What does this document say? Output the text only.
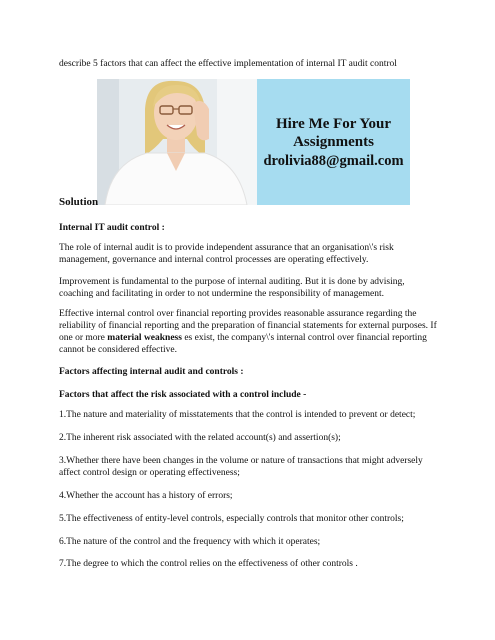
describe 5 factors that can affect the effective implementation of internal IT audit control
Hire Me For Your
Assignments
drolivia88@gmail.com
Solution
Internal IT audit control :
The role of internal audit is to provide independent assurance that an organisation\'s risk management, governance and internal control processes are operating effectively.
Improvement is fundamental to the purpose of internal auditing. But it is done by advising, coaching and facilitating in order to not undermine the responsibility of management.
Effective internal control over financial reporting provides reasonable assurance regarding the reliability of financial reporting and the preparation of financial statements for external purposes. If one or more material weakness es exist, the company\'s internal control over financial reporting cannot be considered effective.
Factors affecting internal audit and controls :
Factors that affect the risk associated with a control include -
1.The nature and materiality of misstatements that the control is intended to prevent or detect;
2.The inherent risk associated with the related account(s) and assertion(s);
3.Whether there have been changes in the volume or nature of transactions that might adversely affect control design or operating effectiveness;
4.Whether the account has a history of errors;
5.The effectiveness of entity-level controls, especially controls that monitor other controls;
6.The nature of the control and the frequency with which it operates;
7.The degree to which the control relies on the effectiveness of other controls .
